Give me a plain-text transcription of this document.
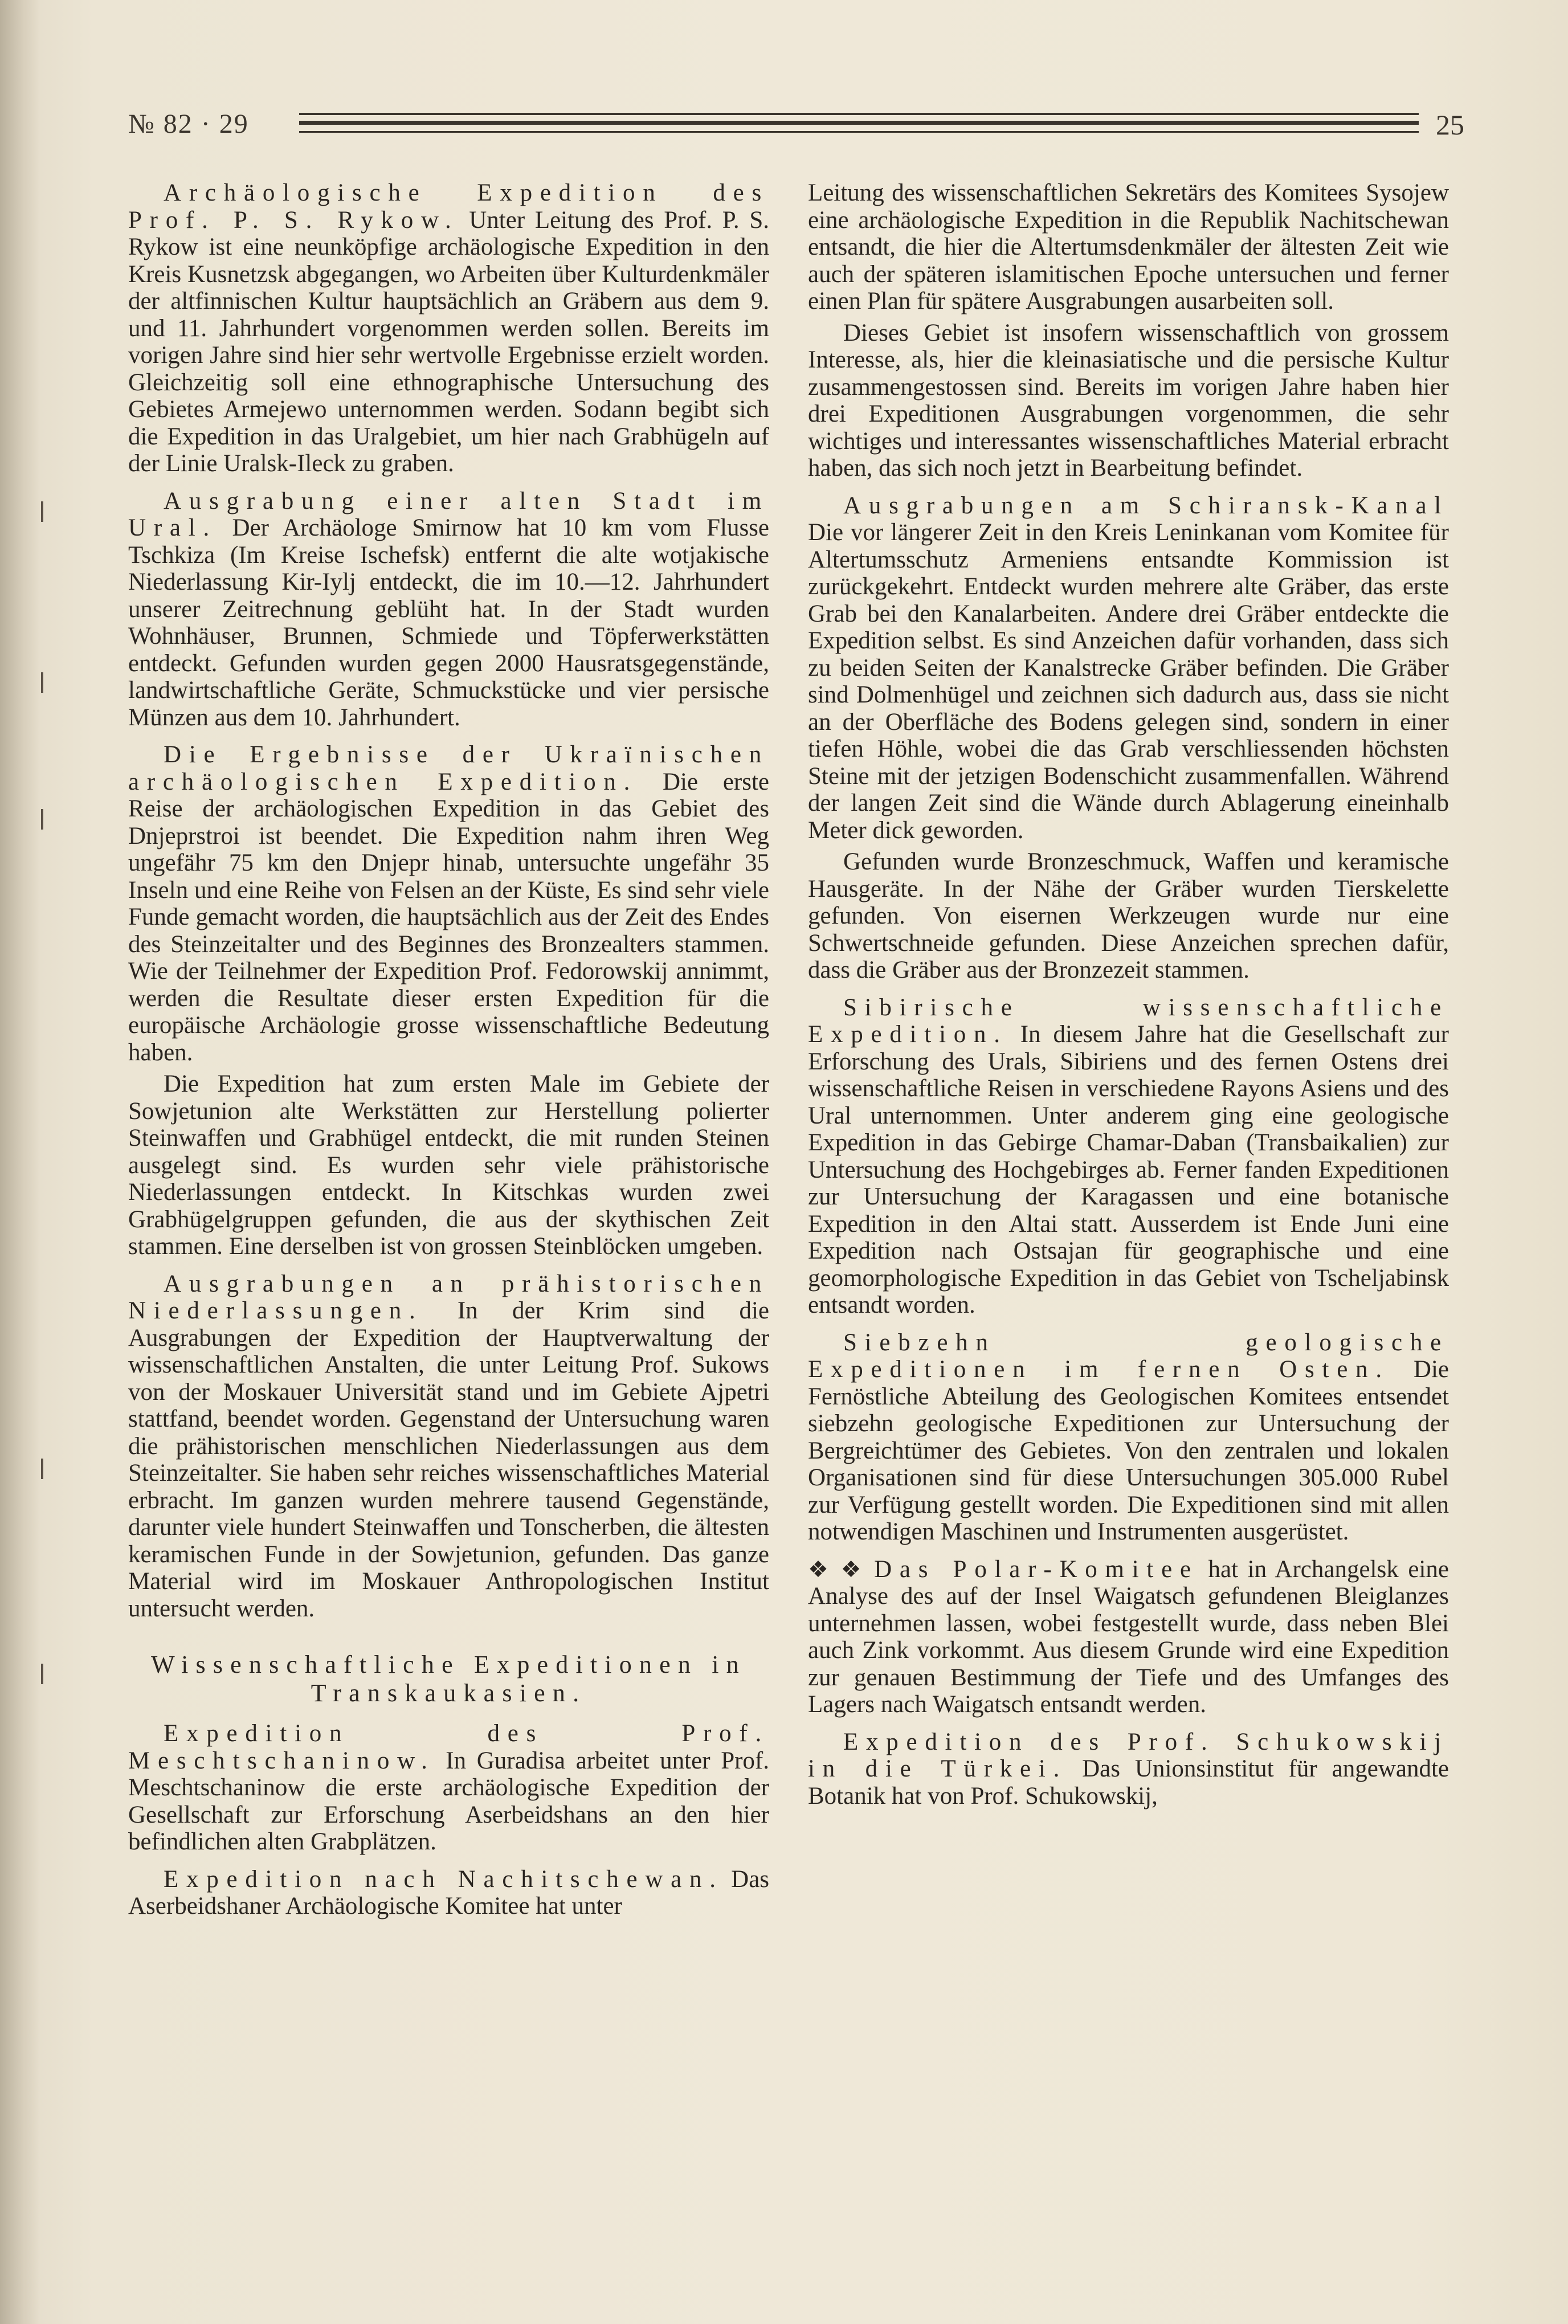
№ 82 · 29	25

Archäologische Expedition des Prof. P. S. Rykow. Unter Leitung des Prof. P. S. Rykow ist eine neunköpfige archäologische Expedition in den Kreis Kusnetzsk abgegangen, wo Arbeiten über Kulturdenkmäler der altfinnischen Kultur hauptsächlich an Gräbern aus dem 9. und 11. Jahrhundert vorgenommen werden sollen. Bereits im vorigen Jahre sind hier sehr wertvolle Ergebnisse erzielt worden. Gleichzeitig soll eine ethnographische Untersuchung des Gebietes Armejewo unternommen werden. Sodann begibt sich die Expedition in das Uralgebiet, um hier nach Grabhügeln auf der Linie Uralsk-Ileck zu graben.

Ausgrabung einer alten Stadt im Ural. Der Archäologe Smirnow hat 10 km vom Flusse Tschkiza (Im Kreise Ischefsk) entfernt die alte wotjakische Niederlassung Kir-Iylj entdeckt, die im 10.—12. Jahrhundert unserer Zeitrechnung geblüht hat. In der Stadt wurden Wohnhäuser, Brunnen, Schmiede und Töpferwerkstätten entdeckt. Gefunden wurden gegen 2000 Hausratsgegenstände, landwirtschaftliche Geräte, Schmuckstücke und vier persische Münzen aus dem 10. Jahrhundert.

Die Ergebnisse der Ukraïnischen archäologischen Expedition. Die erste Reise der archäologischen Expedition in das Gebiet des Dnjeprstroi ist beendet. Die Expedition nahm ihren Weg ungefähr 75 km den Dnjepr hinab, untersuchte ungefähr 35 Inseln und eine Reihe von Felsen an der Küste, Es sind sehr viele Funde gemacht worden, die hauptsächlich aus der Zeit des Endes des Steinzeitalter und des Beginnes des Bronzealters stammen. Wie der Teilnehmer der Expedition Prof. Fedorowskij annimmt, werden die Resultate dieser ersten Expedition für die europäische Archäologie grosse wissenschaftliche Bedeutung haben.

Die Expedition hat zum ersten Male im Gebiete der Sowjetunion alte Werkstätten zur Herstellung polierter Steinwaffen und Grabhügel entdeckt, die mit runden Steinen ausgelegt sind. Es wurden sehr viele prähistorische Niederlassungen entdeckt. In Kitschkas wurden zwei Grabhügelgruppen gefunden, die aus der skythischen Zeit stammen. Eine derselben ist von grossen Steinblöcken umgeben.

Ausgrabungen an prähistorischen Niederlassungen. In der Krim sind die Ausgrabungen der Expedition der Hauptverwaltung der wissenschaftlichen Anstalten, die unter Leitung Prof. Sukows von der Moskauer Universität stand und im Gebiete Ajpetri stattfand, beendet worden. Gegenstand der Untersuchung waren die prähistorischen menschlichen Niederlassungen aus dem Steinzeitalter. Sie haben sehr reiches wissenschaftliches Material erbracht. Im ganzen wurden mehrere tausend Gegenstände, darunter viele hundert Steinwaffen und Tonscherben, die ältesten keramischen Funde in der Sowjetunion, gefunden. Das ganze Material wird im Moskauer Anthropologischen Institut untersucht werden.

Wissenschaftliche Expeditionen in
Transkaukasien.

Expedition des Prof. Meschtschaninow. In Guradisa arbeitet unter Prof. Meschtschaninow die erste archäologische Expedition der Gesellschaft zur Erforschung Aserbeidshans an den hier befindlichen alten Grabplätzen.

Expedition nach Nachitschewan. Das Aserbeidshaner Archäologische Komitee hat unter

Leitung des wissenschaftlichen Sekretärs des Komitees Sysojew eine archäologische Expedition in die Republik Nachitschewan entsandt, die hier die Altertumsdenkmäler der ältesten Zeit wie auch der späteren islamitischen Epoche untersuchen und ferner einen Plan für spätere Ausgrabungen ausarbeiten soll.

Dieses Gebiet ist insofern wissenschaftlich von grossem Interesse, als, hier die kleinasiatische und die persische Kultur zusammengestossen sind. Bereits im vorigen Jahre haben hier drei Expeditionen Ausgrabungen vorgenommen, die sehr wichtiges und interessantes wissenschaftliches Material erbracht haben, das sich noch jetzt in Bearbeitung befindet.

Ausgrabungen am Schiransk-Kanal Die vor längerer Zeit in den Kreis Leninkanan vom Komitee für Altertumsschutz Armeniens entsandte Kommission ist zurückgekehrt. Entdeckt wurden mehrere alte Gräber, das erste Grab bei den Kanalarbeiten. Andere drei Gräber entdeckte die Expedition selbst. Es sind Anzeichen dafür vorhanden, dass sich zu beiden Seiten der Kanalstrecke Gräber befinden. Die Gräber sind Dolmenhügel und zeichnen sich dadurch aus, dass sie nicht an der Oberfläche des Bodens gelegen sind, sondern in einer tiefen Höhle, wobei die das Grab verschliessenden höchsten Steine mit der jetzigen Bodenschicht zusammenfallen. Während der langen Zeit sind die Wände durch Ablagerung eineinhalb Meter dick geworden.

Gefunden wurde Bronzeschmuck, Waffen und keramische Hausgeräte. In der Nähe der Gräber wurden Tierskelette gefunden. Von eisernen Werkzeugen wurde nur eine Schwertschneide gefunden. Diese Anzeichen sprechen dafür, dass die Gräber aus der Bronzezeit stammen.

Sibirische wissenschaftliche Expedition. In diesem Jahre hat die Gesellschaft zur Erforschung des Urals, Sibiriens und des fernen Ostens drei wissenschaftliche Reisen in verschiedene Rayons Asiens und des Ural unternommen. Unter anderem ging eine geologische Expedition in das Gebirge Chamar-Daban (Transbaikalien) zur Untersuchung des Hochgebirges ab. Ferner fanden Expeditionen zur Untersuchung der Karagassen und eine botanische Expedition in den Altai statt. Ausserdem ist Ende Juni eine Expedition nach Ostsajan für geographische und eine geomorphologische Expedition in das Gebiet von Tscheljabinsk entsandt worden.

Siebzehn geologische Expeditionen im fernen Osten. Die Fernöstliche Abteilung des Geologischen Komitees entsendet siebzehn geologische Expeditionen zur Untersuchung der Bergreichtümer des Gebietes. Von den zentralen und lokalen Organisationen sind für diese Untersuchungen 305.000 Rubel zur Verfügung gestellt worden. Die Expeditionen sind mit allen notwendigen Maschinen und Instrumenten ausgerüstet.

❖ ❖ Das Polar-Komitee hat in Archangelsk eine Analyse des auf der Insel Waigatsch gefundenen Bleiglanzes unternehmen lassen, wobei festgestellt wurde, dass neben Blei auch Zink vorkommt. Aus diesem Grunde wird eine Expedition zur genauen Bestimmung der Tiefe und des Umfanges des Lagers nach Waigatsch entsandt werden.

Expedition des Prof. Schukowskij in die Türkei. Das Unionsinstitut für angewandte Botanik hat von Prof. Schukowskij,
